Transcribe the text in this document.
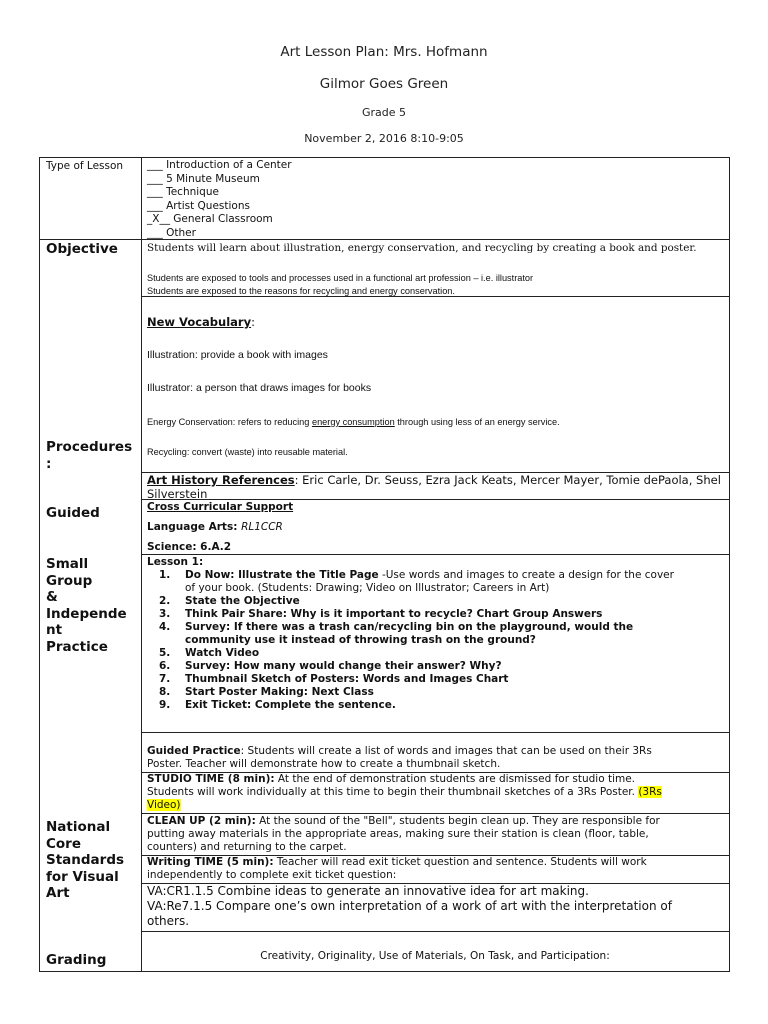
Art Lesson Plan: Mrs. Hofmann
Gilmor Goes Green
Grade 5
November 2, 2016 8:10-9:05
Type of Lesson ___ Introduction of a Center
___ 5 Minute Museum
___ Technique
___ Artist Questions
_X__ General Classroom
___ Other
Objective	Students will learn about illustration, energy conservation, and recycling by creating a book and poster.
Students are exposed to tools and processes used in a functional art profession – i.e. illustrator
Students are exposed to the reasons for recycling and energy conservation.
New Vocabulary:
Illustration: provide a book with images
Illustrator: a person that draws images for books
Energy Conservation: refers to reducing energy consumption through using less of an energy service.
Recycling: convert (waste) into reusable material.
Procedures
:
Guided
Small
Group
&
Independe
nt
Practice
National
Core
Standards
for Visual
Art
Grading
Art History References: Eric Carle, Dr. Seuss, Ezra Jack Keats, Mercer Mayer, Tomie dePaola, Shel
Silverstein
Cross Curricular Support
Language Arts: RL1CCR
Science: 6.A.2
Lesson 1:
1. Do Now: Illustrate the Title Page -Use words and images to create a design for the cover
of your book. (Students: Drawing; Video on Illustrator; Careers in Art)
2. State the Objective
3. Think Pair Share: Why is it important to recycle? Chart Group Answers
4. Survey: If there was a trash can/recycling bin on the playground, would the
community use it instead of throwing trash on the ground?
5. Watch Video
6. Survey: How many would change their answer? Why?
7. Thumbnail Sketch of Posters: Words and Images Chart
8. Start Poster Making: Next Class
9. Exit Ticket: Complete the sentence.
Guided Practice: Students will create a list of words and images that can be used on their 3Rs
Poster. Teacher will demonstrate how to create a thumbnail sketch.
STUDIO TIME (8 min): At the end of demonstration students are dismissed for studio time.
Students will work individually at this time to begin their thumbnail sketches of a 3Rs Poster. (3Rs
Video)
CLEAN UP (2 min): At the sound of the "Bell", students begin clean up. They are responsible for
putting away materials in the appropriate areas, making sure their station is clean (floor, table,
counters) and returning to the carpet.
Writing TIME (5 min): Teacher will read exit ticket question and sentence. Students will work
independently to complete exit ticket question:
VA:CR1.1.5 Combine ideas to generate an innovative idea for art making.
VA:Re7.1.5 Compare one’s own interpretation of a work of art with the interpretation of
others.
Creativity, Originality, Use of Materials, On Task, and Participation:
